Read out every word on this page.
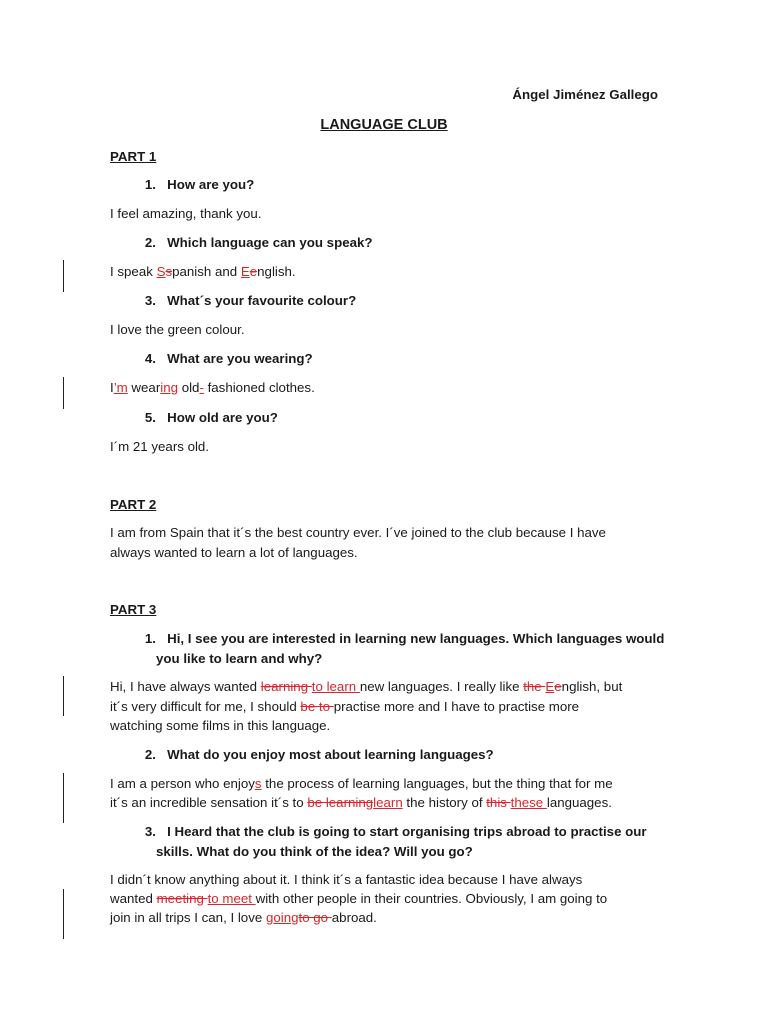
Ángel Jiménez Gallego
LANGUAGE CLUB
PART 1
1. How are you?
I feel amazing, thank you.
2. Which language can you speak?
I speak Sspanish and Eenglish.
3. What´s your favourite colour?
I love the green colour.
4. What are you wearing?
I’m wearing old- fashioned clothes.
5. How old are you?
I´m 21 years old.
PART 2
I am from Spain that it´s the best country ever. I´ve joined to the club because I have
always wanted to learn a lot of languages.
PART 3
1. Hi, I see you are interested in learning new languages. Which languages would
you like to learn and why?
Hi, I have always wanted learning to learn new languages. I really like the Eenglish, but
it´s very difficult for me, I should be to practise more and I have to practise more
watching some films in this language.
2. What do you enjoy most about learning languages?
I am a person who enjoys the process of learning languages, but the thing that for me
it´s an incredible sensation it´s to be learninglearn the history of this these languages.
3. I Heard that the club is going to start organising trips abroad to practise our
skills. What do you think of the idea? Will you go?
I didn´t know anything about it. I think it´s a fantastic idea because I have always
wanted meeting to meet with other people in their countries. Obviously, I am going to
join in all trips I can, I love goingto go abroad.
